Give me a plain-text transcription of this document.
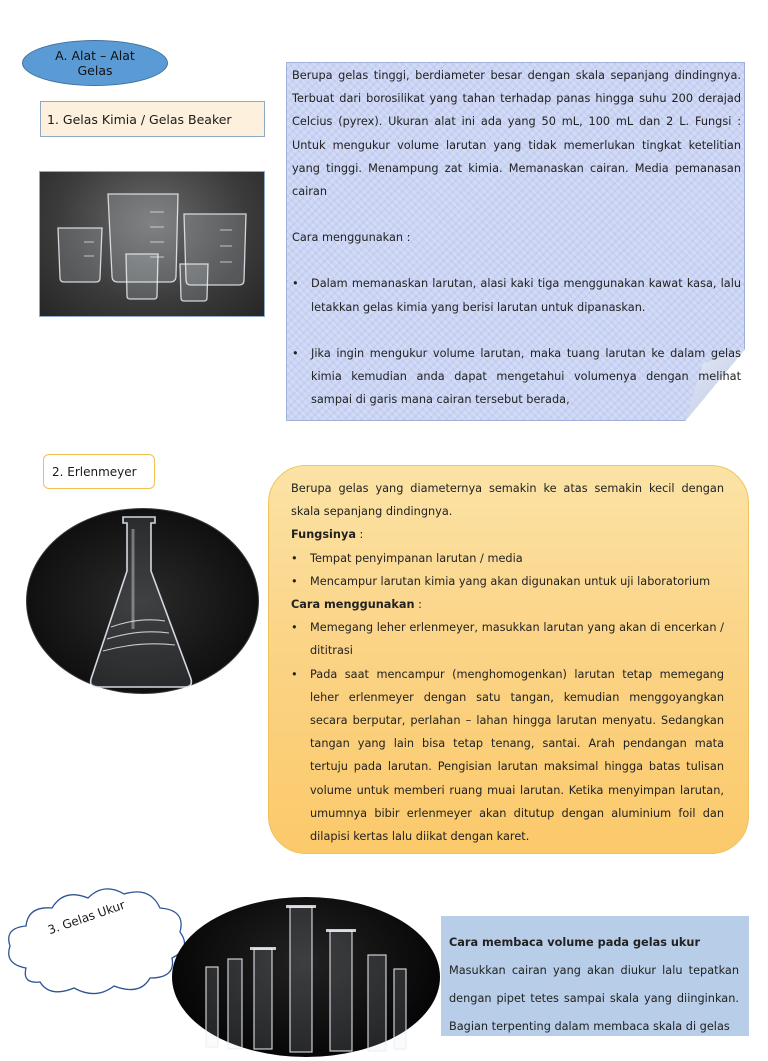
A. Alat – Alat Gelas
1. Gelas Kimia / Gelas Beaker

Berupa gelas tinggi, berdiameter besar dengan skala sepanjang dindingnya. Terbuat dari borosilikat yang tahan terhadap panas hingga suhu 200 derajad Celcius (pyrex). Ukuran alat ini ada yang 50 mL, 100 mL dan 2 L. Fungsi : Untuk mengukur volume larutan yang tidak memerlukan tingkat ketelitian yang tinggi. Menampung zat kimia. Memanaskan cairan. Media pemanasan cairan

Cara menggunakan :

• Dalam memanaskan larutan, alasi kaki tiga menggunakan kawat kasa, lalu letakkan gelas kimia yang berisi larutan untuk dipanaskan.

• Jika ingin mengukur volume larutan, maka tuang larutan ke dalam gelas kimia kemudian anda dapat mengetahui volumenya dengan melihat sampai di garis mana cairan tersebut berada,

2. Erlenmeyer

Berupa gelas yang diameternya semakin ke atas semakin kecil dengan skala sepanjang dindingnya.

Fungsinya :

• Tempat penyimpanan larutan / media

• Mencampur larutan kimia yang akan digunakan untuk uji laboratorium

Cara menggunakan :

• Memegang leher erlenmeyer, masukkan larutan yang akan di encerkan / dititrasi

• Pada saat mencampur (menghomogenkan) larutan tetap memegang leher erlenmeyer dengan satu tangan, kemudian menggoyangkan secara berputar, perlahan – lahan hingga larutan menyatu. Sedangkan tangan yang lain bisa tetap tenang, santai. Arah pendangan mata tertuju pada larutan. Pengisian larutan maksimal hingga batas tulisan volume untuk memberi ruang muai larutan. Ketika menyimpan larutan, umumnya bibir erlenmeyer akan ditutup dengan aluminium foil dan dilapisi kertas lalu diikat dengan karet.

3. Gelas Ukur

Cara membaca volume pada gelas ukur

Masukkan cairan yang akan diukur lalu tepatkan dengan pipet tetes sampai skala yang diinginkan. Bagian terpenting dalam membaca skala di gelas
